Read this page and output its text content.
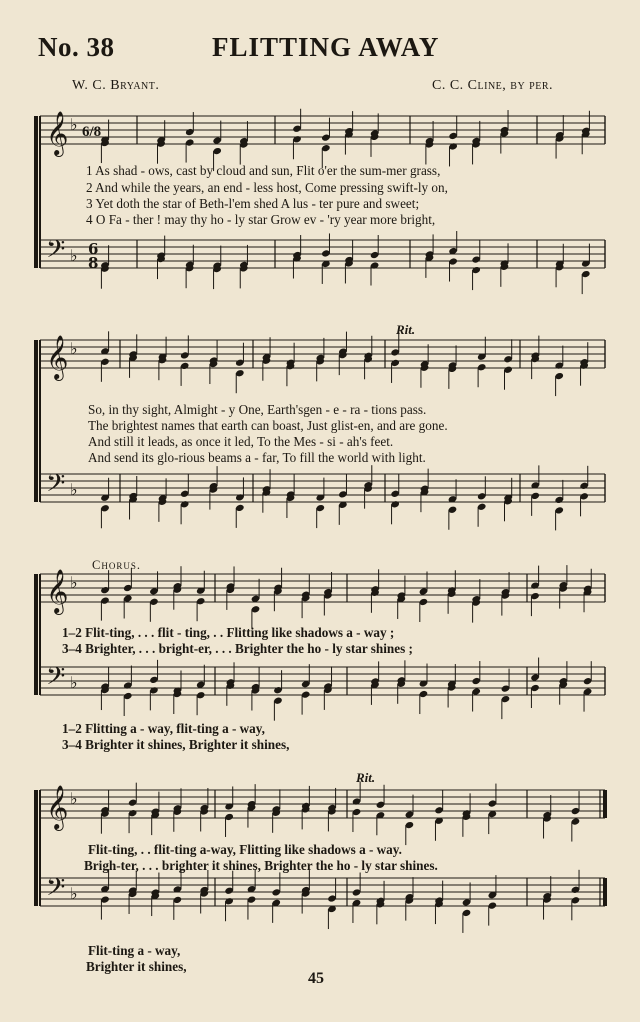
No. 38	FLITTING AWAY
W. C. Bryant.	C. C. Cline, by per.
𝄞 ♭
𝄢 ♭ 6
8
𝄞 ♭
𝄢 ♭
𝄞 ♭
𝄢 ♭
𝄞 ♭
𝄢 ♭
1 As shad - ows, cast by cloud and sun, Flit o'er the sum-mer grass,
2 And while the years, an end - less host, Come pressing swift-ly on,
3 Yet doth the star of Beth-l'em shed A lus - ter pure and sweet;
4 O Fa - ther ! may thy ho - ly star Grow ev - 'ry year more bright,
6/8
Rit.
So, in thy sight, Almight - y One, Earth'sgen - e - ra - tions pass.
The brightest names that earth can boast, Just glist-en, and are gone.
And still it leads, as once it led, To the Mes - si - ah's feet.
And send its glo-rious beams a - far, To fill the world with light.
Chorus.
1–2 Flit-ting, . . . flit - ting, . . Flitting like shadows a - way ;
3–4 Brighter, . . . bright-er, . . . Brighter the ho - ly star shines ;
1–2 Flitting a - way, flit-ting a - way,
3–4 Brighter it shines, Brighter it shines,
Rit.
Flit-ting, . . flit-ting a-way, Flitting like shadows a - way.
Brigh-ter, . . . brighter it shines, Brighter the ho - ly star shines.
Flit-ting a - way,
Brighter it shines,
45
